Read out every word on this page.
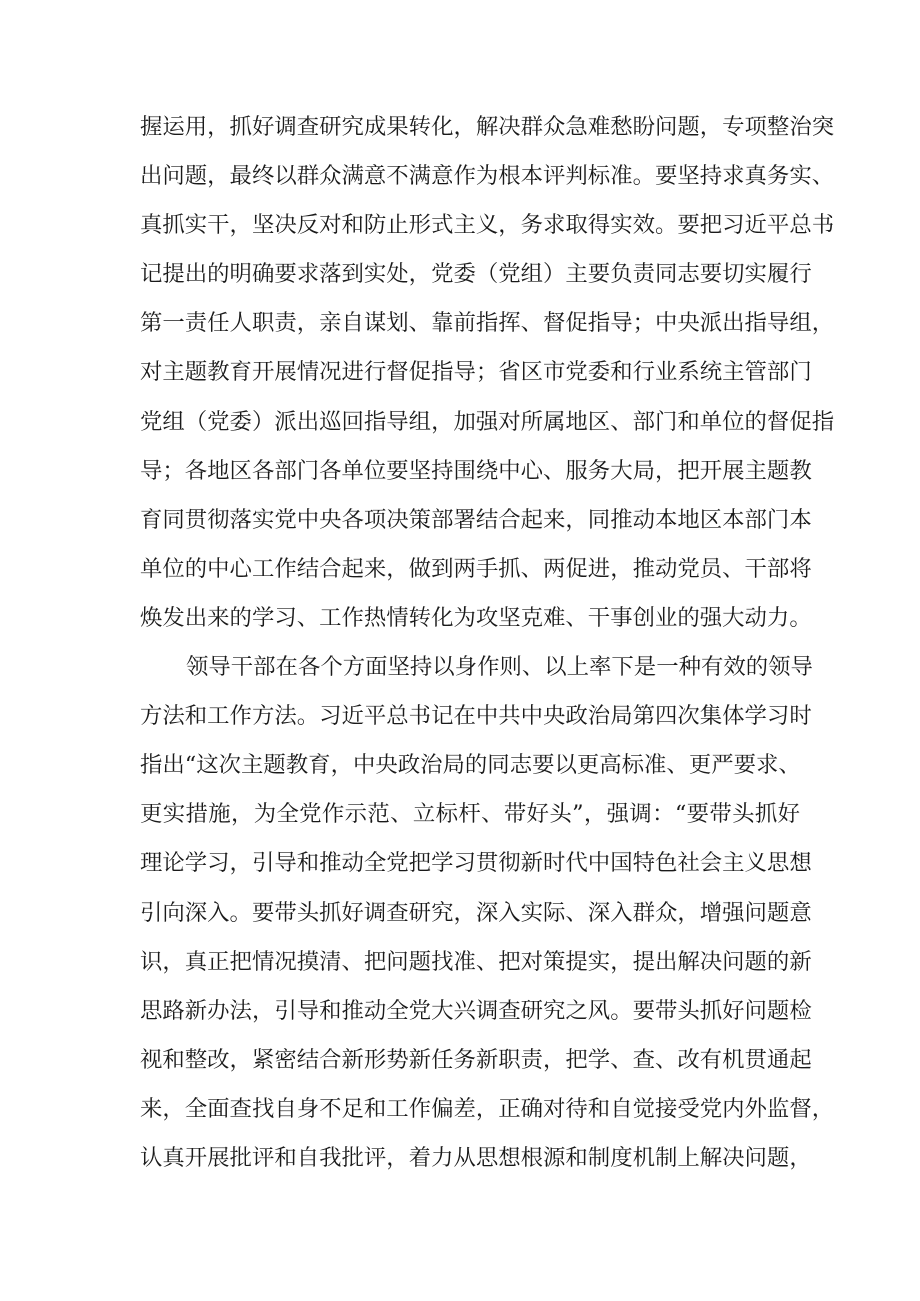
握运用，抓好调查研究成果转化，解决群众急难愁盼问题，专项整治突
出问题，最终以群众满意不满意作为根本评判标准。要坚持求真务实、
真抓实干，坚决反对和防止形式主义，务求取得实效。要把习近平总书
记提出的明确要求落到实处，党委（党组）主要负责同志要切实履行
第一责任人职责，亲自谋划、靠前指挥、督促指导；中央派出指导组，
对主题教育开展情况进行督促指导；省区市党委和行业系统主管部门
党组（党委）派出巡回指导组，加强对所属地区、部门和单位的督促指
导；各地区各部门各单位要坚持围绕中心、服务大局，把开展主题教
育同贯彻落实党中央各项决策部署结合起来，同推动本地区本部门本
单位的中心工作结合起来，做到两手抓、两促进，推动党员、干部将
焕发出来的学习、工作热情转化为攻坚克难、干事创业的强大动力。
领导干部在各个方面坚持以身作则、以上率下是一种有效的领导
方法和工作方法。习近平总书记在中共中央政治局第四次集体学习时
指出“这次主题教育，中央政治局的同志要以更高标准、更严要求、
更实措施，为全党作示范、立标杆、带好头”，强调：“要带头抓好
理论学习，引导和推动全党把学习贯彻新时代中国特色社会主义思想
引向深入。要带头抓好调查研究，深入实际、深入群众，增强问题意
识，真正把情况摸清、把问题找准、把对策提实，提出解决问题的新
思路新办法，引导和推动全党大兴调查研究之风。要带头抓好问题检
视和整改，紧密结合新形势新任务新职责，把学、查、改有机贯通起
来，全面查找自身不足和工作偏差，正确对待和自觉接受党内外监督，
认真开展批评和自我批评，着力从思想根源和制度机制上解决问题，
